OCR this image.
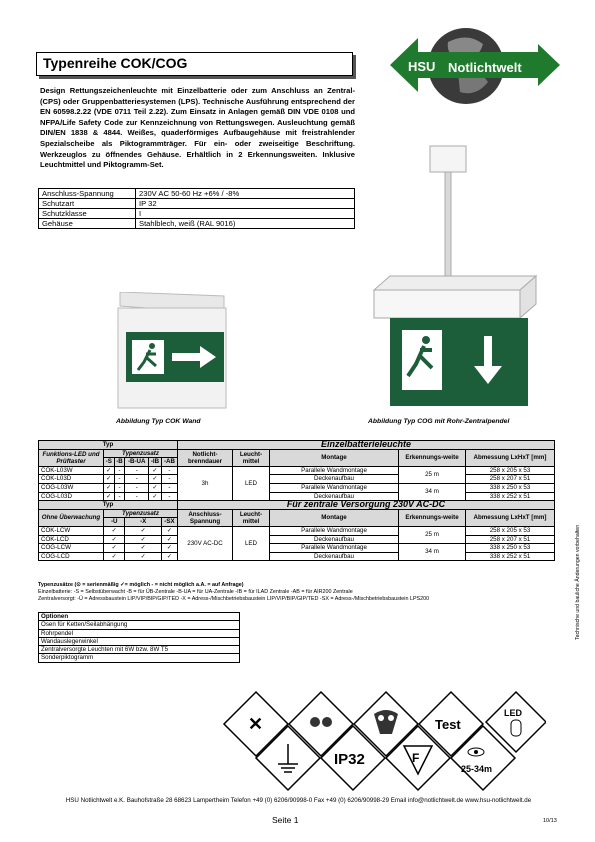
Typenreihe COK/COG
Design Rettungszeichenleuchte mit Einzelbatterie oder zum Anschluss an Zentral- (CPS) oder Gruppenbatteriesystemen (LPS). Technische Ausführung entsprechend der EN 60598.2.22 (VDE 0711 Teil 2.22). Zum Einsatz in Anlagen gemäß DIN VDE 0108 und NFPA/Life Safety Code zur Kennzeichnung von Rettungswegen. Ausleuchtung gemäß DIN/EN 1838 & 4844. Weißes, quaderförmiges Aufbaugehäuse mit freistrahlender Spezialscheibe als Piktogrammträger. Für ein- oder zweiseitige Beschriftung. Werkzeuglos zu öffnendes Gehäuse. Erhältlich in 2 Erkennungsweiten. Inklusive Leuchtmittel und Piktogramm-Set.
Anschluss-Spannung	230V AC 50-60 Hz +6% / -8%
Schutzart	IP 32
Schutzklasse	I
Gehäuse	Stahlblech, weiß (RAL 9016)
HSU Notlichtwelt
Abbildung Typ COK Wand	Abbildung Typ COG mit Rohr-Zentralpendel
Typ						Einzelbatterieleuchte				
Funktions-LED und Prüftaster	Typenzusatz					Notlicht-brenndauer	Leucht-mittel	Montage	Erkennungs-weite	Abmessung LxHxT [mm]
	-S	-B	-B-UA	-IB	-AB					
COK-L03W	✓	-	-	✓	-	3h	LED	Parallele Wandmontage	25 m	258 x 205 x 53
COK-L03D	✓	-	-	✓	-			Deckenaufbau		258 x 207 x 51
COG-L03W	✓	-	-	✓	-			Parallele Wandmontage	34 m	338 x 250 x 53
COG-L03D	✓	-	-	✓	-			Deckenaufbau		338 x 252 x 51
Typ						Für zentrale Versorgung 230V AC-DC				
Ohne Überwachung	Typenzusatz					Anschluss-Spannung	Leucht-mittel	Montage	Erkennungs-weite	Abmessung LxHxT [mm]
	-Ü		-X		-SX					
COK-LCW	✓		✓		✓	230V AC-DC	LED	Parallele Wandmontage	25 m	258 x 205 x 53
COK-LCD	✓		✓		✓			Deckenaufbau		258 x 207 x 51
COG-LCW	✓		✓		✓			Parallele Wandmontage	34 m	338 x 250 x 53
COG-LCD	✓		✓		✓			Deckenaufbau		338 x 252 x 51
Typenzusätze (⊙ = serienmäßig ✓= möglich - = nicht möglich a.A. = auf Anfrage)
Einzelbatterie: -S = Selbstüberwacht -B = für ÜB-Zentrale -B-UA = für UA-Zentrale -IB = für ILAD Zentrale -AB = für AIR200 Zentrale
Zentralversorgt: -Ü = Adressbaustein LIP/VIP/BIP/GIP/TED -X = Adress-/Mischbetriebsbaustein LIP/VIP/BIP/GIP/TED -SX = Adress-/Mischbetriebsbaustein LPS200
Optionen
Ösen für Ketten/Seilabhängung
Rohrpendel
Wandauslegerwinkel
Zentralversorgte Leuchten mit 6W bzw. 8W T5
Sonderpiktogramm
✕	Test
LED
IP32	F
25-34m
Technische und bauliche Änderungen vorbehalten
HSU Notlichtwelt e.K. Bauhofstraße 28 68623 Lampertheim Telefon +49 (0) 6206/90998-0 Fax +49 (0) 6206/90998-29 Email info@notlichtwelt.de www.hsu-notlichtwelt.de
Seite 1	10/13
